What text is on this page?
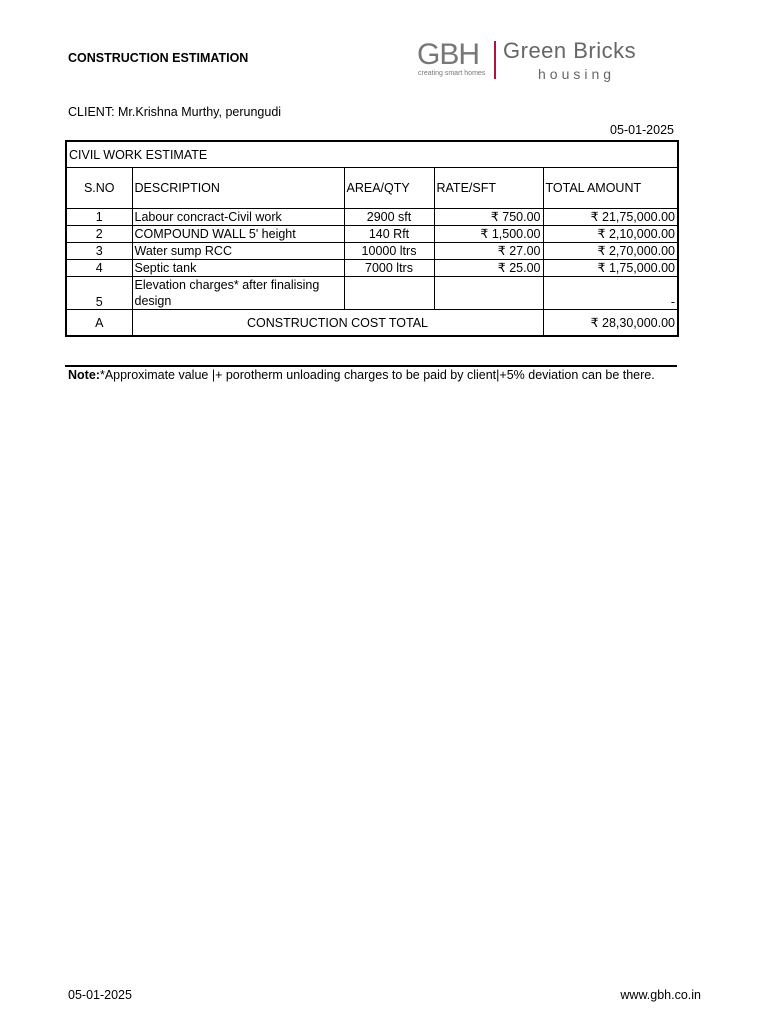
CONSTRUCTION ESTIMATION	GBH
creating smart homes
Green Bricks
housing
CLIENT: Mr.Krishna Murthy, perungudi
05-01-2025
CIVIL WORK ESTIMATE				
S.NO	DESCRIPTION	AREA/QTY	RATE/SFT	TOTAL AMOUNT
1	Labour concract-Civil work	2900 sft	₹ 750.00	₹ 21,75,000.00
2	COMPOUND WALL 5' height	140 Rft	₹ 1,500.00	₹ 2,10,000.00
3	Water sump RCC	10000 ltrs	₹ 27.00	₹ 2,70,000.00
4	Septic tank	7000 ltrs	₹ 25.00	₹ 1,75,000.00
5	Elevation charges* after finalising design			-
A	CONSTRUCTION COST TOTAL			₹ 28,30,000.00
Note:*Approximate value |+ porotherm unloading charges to be paid by client|+5% deviation can be there.
05-01-2025	www.gbh.co.in
